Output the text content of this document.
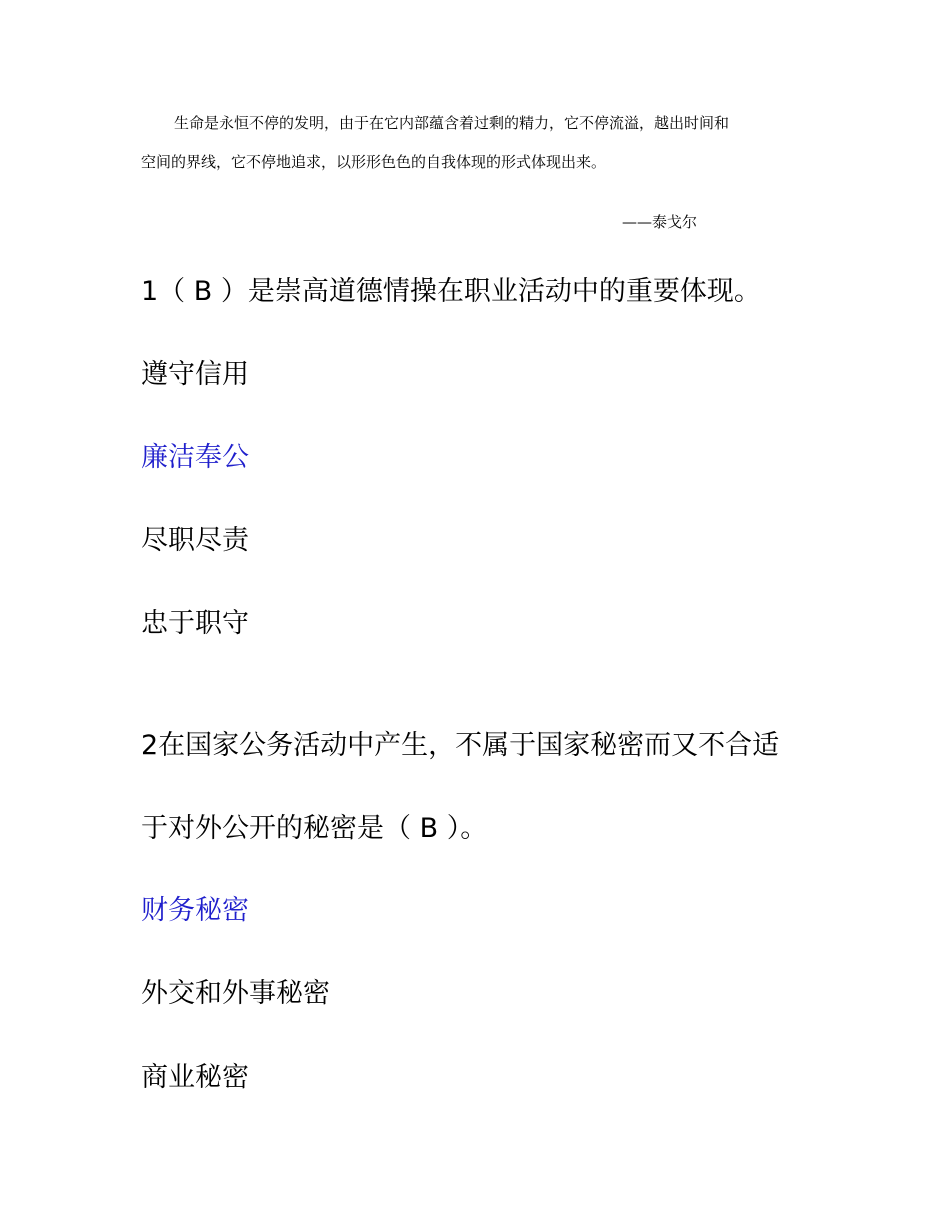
生命是永恒不停的发明，由于在它内部蕴含着过剩的精力，它不停流溢，越出时间和
空间的界线，它不停地追求，以形形色色的自我体现的形式体现出来。
——泰戈尔
1（ B ）是崇高道德情操在职业活动中的重要体现。
遵守信用
廉洁奉公
尽职尽责
忠于职守
2在国家公务活动中产生，不属于国家秘密而又不合适
于对外公开的秘密是（ B ）。
财务秘密
外交和外事秘密
商业秘密
